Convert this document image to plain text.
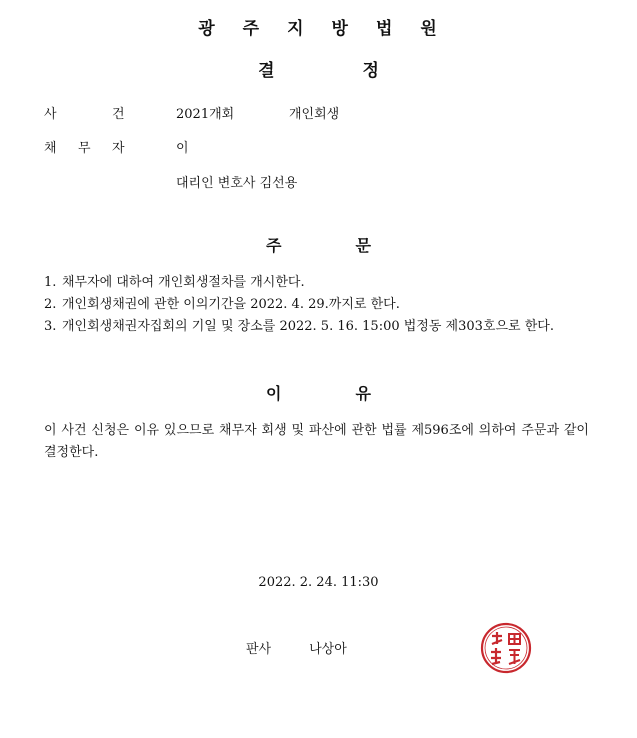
광 주 지 방 법 원
결	정
사	건	2021개회	개인회생
채 무 자	이
대리인 변호사 김선용
주	문
1. 채무자에 대하여 개인회생절차를 개시한다.
2. 개인회생채권에 관한 이의기간을 2022. 4. 29.까지로 한다.
3. 개인회생채권자집회의 기일 및 장소를 2022. 5. 16. 15:00 법정동 제303호으로 한다.
이	유
이 사건 신청은 이유 있으므로 채무자 회생 및 파산에 관한 법률 제596조에 의하여 주문과 같이 결정한다.
2022. 2. 24. 11:30
판사	나상아
